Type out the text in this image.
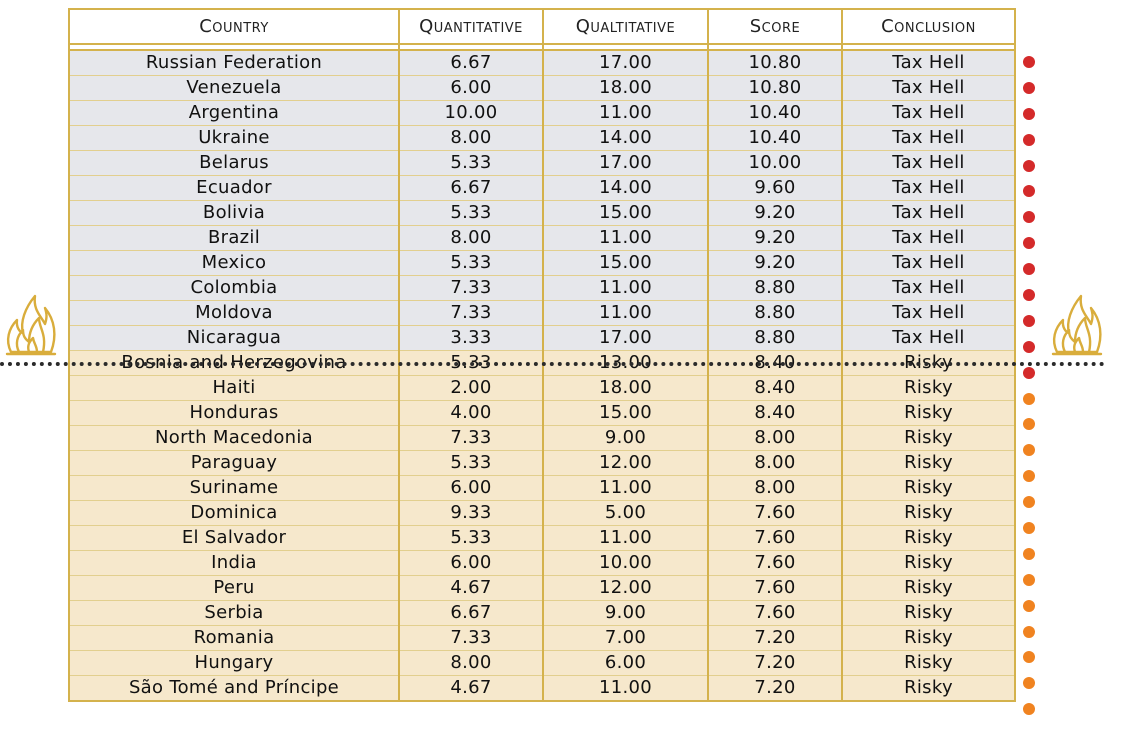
Country	Quantitative	Qualtitative	Score	Conclusion

Russian Federation	6.67	17.00	10.80	Tax Hell
Venezuela	6.00	18.00	10.80	Tax Hell
Argentina	10.00	11.00	10.40	Tax Hell
Ukraine	8.00	14.00	10.40	Tax Hell
Belarus	5.33	17.00	10.00	Tax Hell
Ecuador	6.67	14.00	9.60	Tax Hell
Bolivia	5.33	15.00	9.20	Tax Hell
Brazil	8.00	11.00	9.20	Tax Hell
Mexico	5.33	15.00	9.20	Tax Hell
Colombia	7.33	11.00	8.80	Tax Hell
Moldova	7.33	11.00	8.80	Tax Hell
Nicaragua	3.33	17.00	8.80	Tax Hell
Bosnia and Herzegovina	5.33	13.00	8.40	Risky
Haiti	2.00	18.00	8.40	Risky
Honduras	4.00	15.00	8.40	Risky
North Macedonia	7.33	9.00	8.00	Risky
Paraguay	5.33	12.00	8.00	Risky
Suriname	6.00	11.00	8.00	Risky
Dominica	9.33	5.00	7.60	Risky
El Salvador	5.33	11.00	7.60	Risky
India	6.00	10.00	7.60	Risky
Peru	4.67	12.00	7.60	Risky
Serbia	6.67	9.00	7.60	Risky
Romania	7.33	7.00	7.20	Risky
Hungary	8.00	6.00	7.20	Risky
São Tomé and Príncipe	4.67	11.00	7.20	Risky
